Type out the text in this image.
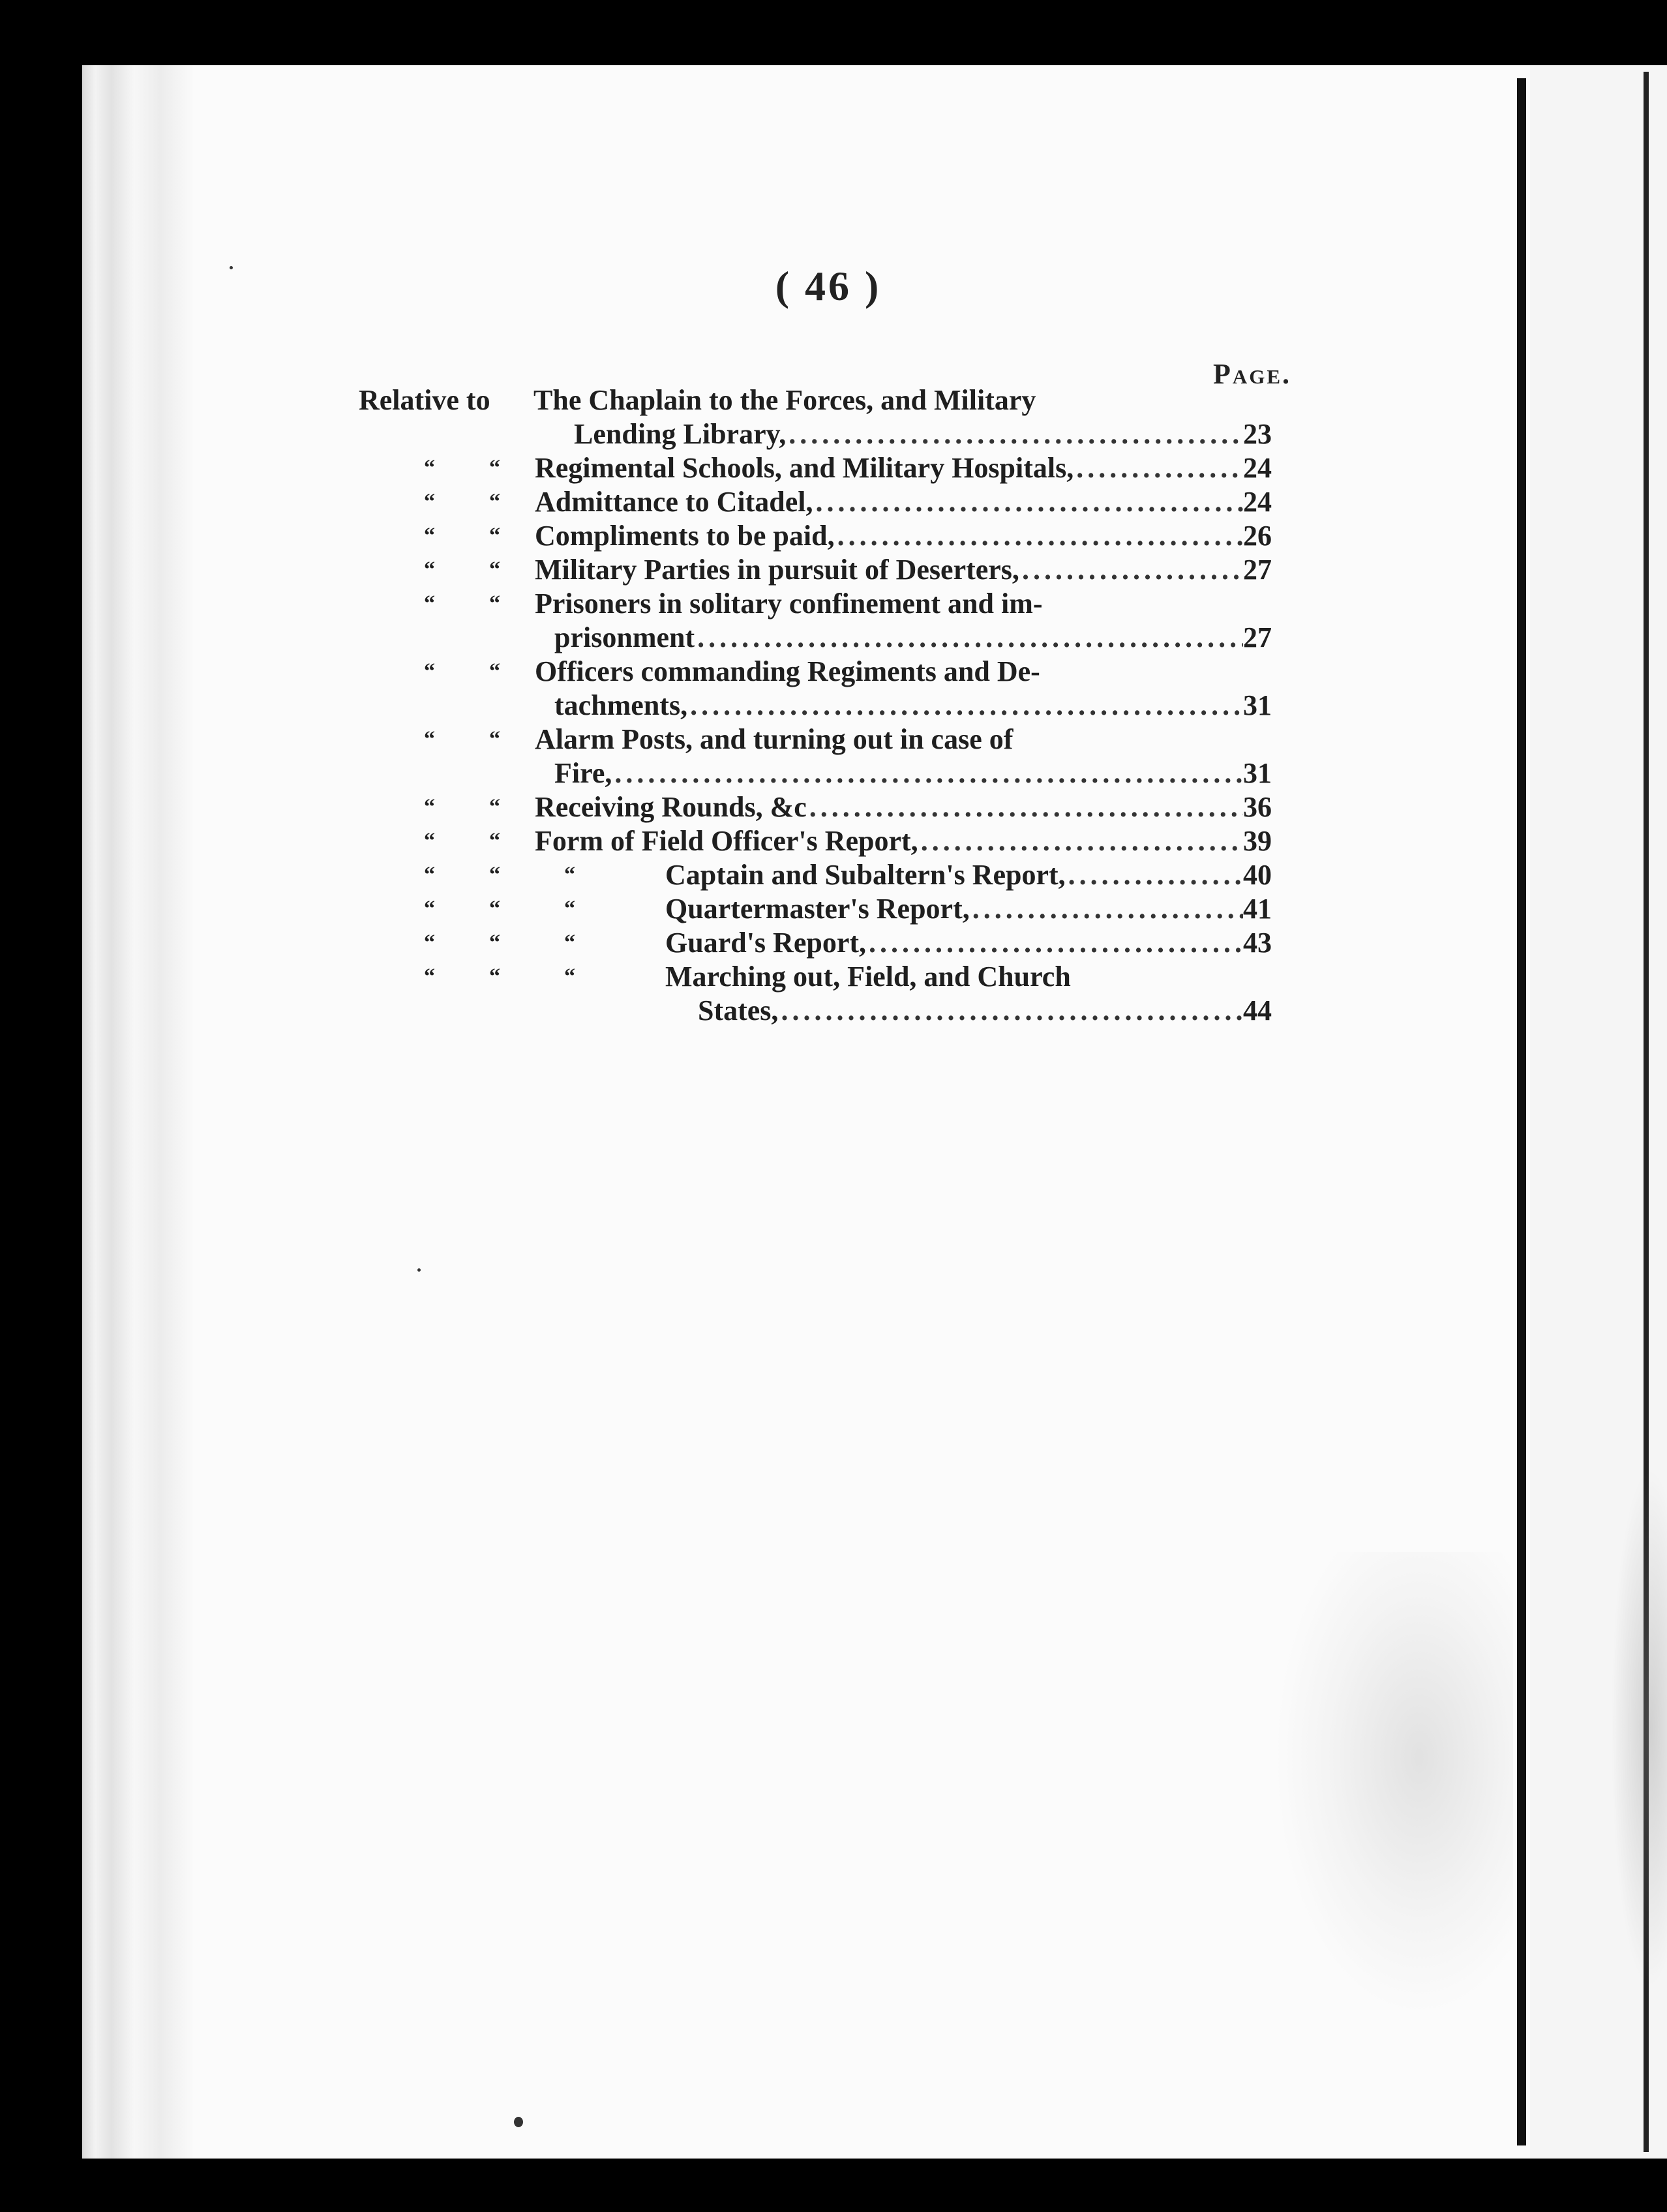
( 46 )
Page.
Relative to The Chaplain to the Forces, and Military
Lending Library, .....	23
“ “ Regimental Schools, and Military Hospitals, .....	24
“ “ Admittance to Citadel, .....	24
“ “ Compliments to be paid, .....	26
“ “ Military Parties in pursuit of Deserters, .....	27
“ “ Prisoners in solitary confinement and im-
prisonment .....	27
“ “ Officers commanding Regiments and De-
tachments, .....	31
“ “ Alarm Posts, and turning out in case of
Fire, .....	31
“ “ Receiving Rounds, &c .....	36
“ “ Form of Field Officer's Report, .....	39
“ “	“	Captain and Subaltern's Report, .....	40
“ “	“	Quartermaster's Report, .....	41
“ “	“	Guard's Report, .....	43
“ “	“	Marching out, Field, and Church
States, .....	44
